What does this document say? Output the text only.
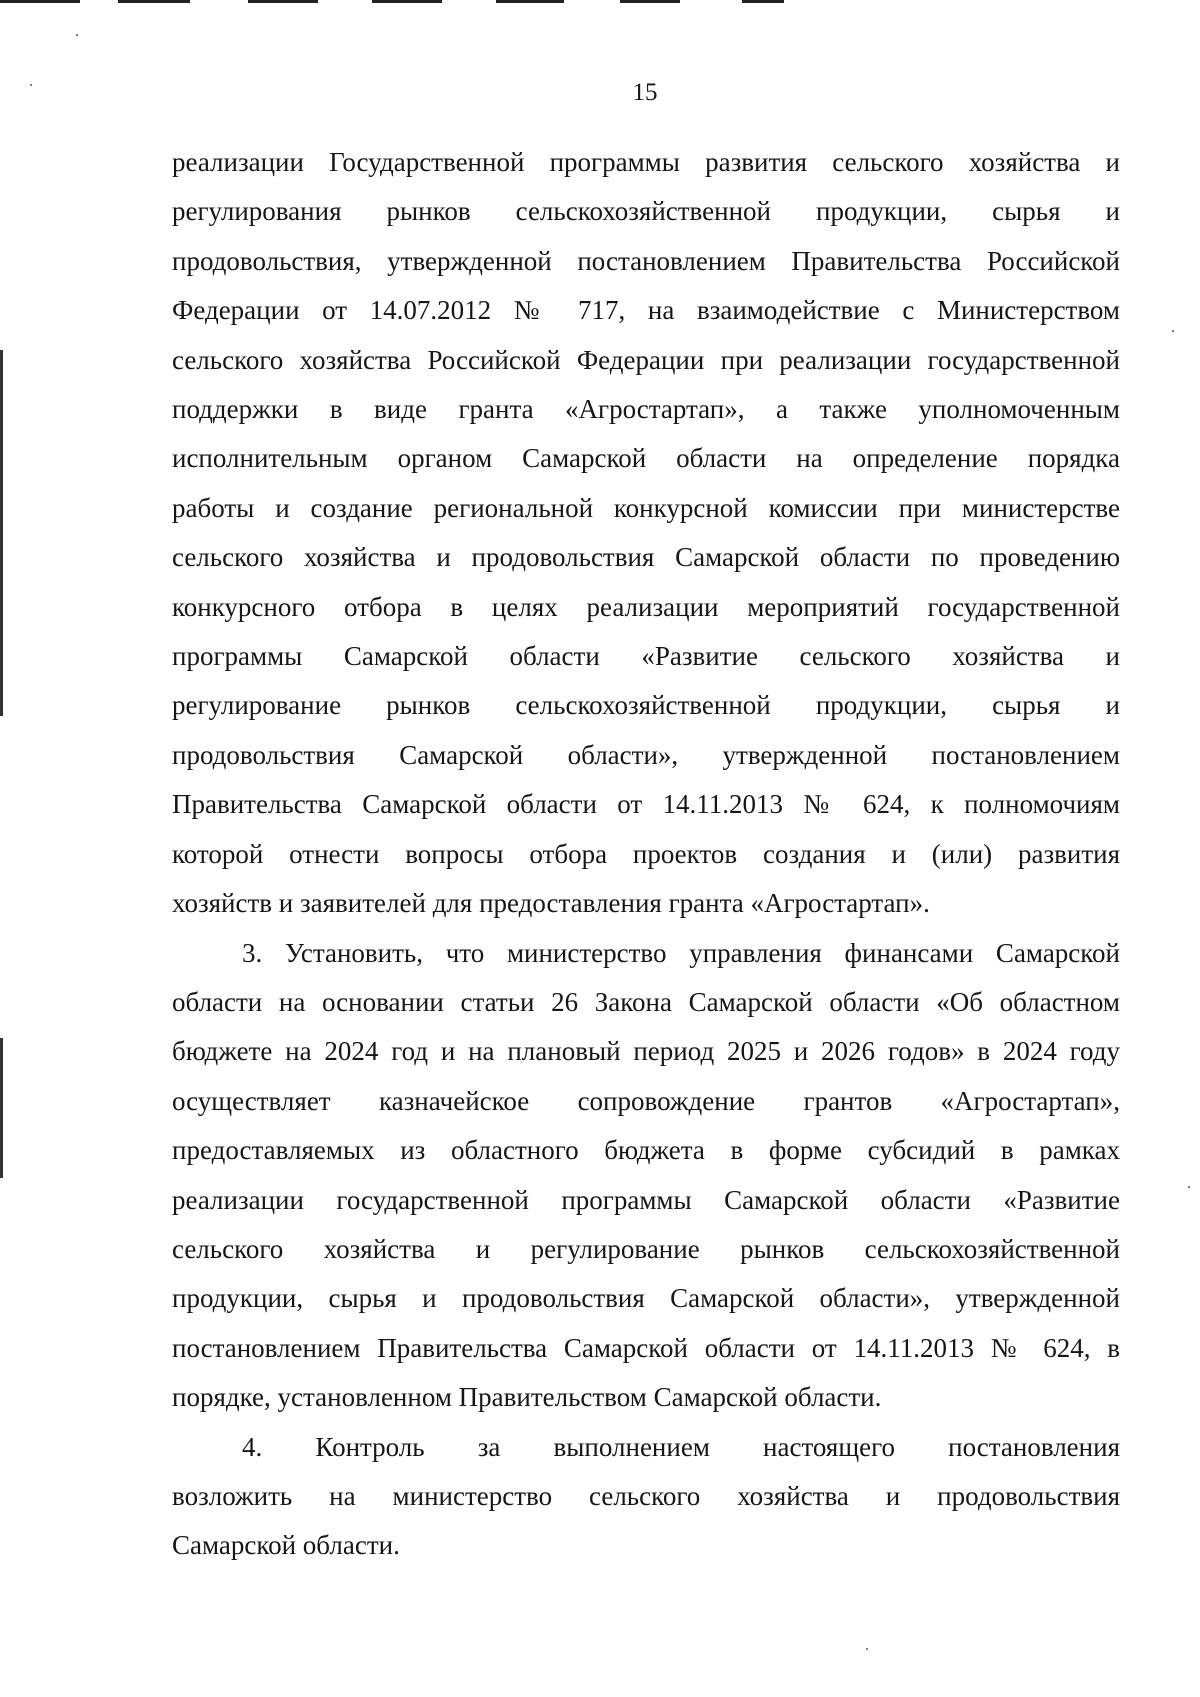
15

реализации Государственной программы развития сельского хозяйства и
регулирования рынков сельскохозяйственной продукции, сырья и
продовольствия, утвержденной постановлением Правительства Российской
Федерации от 14.07.2012 № 717, на взаимодействие с Министерством
сельского хозяйства Российской Федерации при реализации государственной
поддержки в виде гранта «Агростартап», а также уполномоченным
исполнительным органом Самарской области на определение порядка
работы и создание региональной конкурсной комиссии при министерстве
сельского хозяйства и продовольствия Самарской области по проведению
конкурсного отбора в целях реализации мероприятий государственной
программы Самарской области «Развитие сельского хозяйства и
регулирование рынков сельскохозяйственной продукции, сырья и
продовольствия Самарской области», утвержденной постановлением
Правительства Самарской области от 14.11.2013 № 624, к полномочиям
которой отнести вопросы отбора проектов создания и (или) развития
хозяйств и заявителей для предоставления гранта «Агростартап».

3. Установить, что министерство управления финансами Самарской
области на основании статьи 26 Закона Самарской области «Об областном
бюджете на 2024 год и на плановый период 2025 и 2026 годов» в 2024 году
осуществляет казначейское сопровождение грантов «Агростартап»,
предоставляемых из областного бюджета в форме субсидий в рамках
реализации государственной программы Самарской области «Развитие
сельского хозяйства и регулирование рынков сельскохозяйственной
продукции, сырья и продовольствия Самарской области», утвержденной
постановлением Правительства Самарской области от 14.11.2013 № 624, в
порядке, установленном Правительством Самарской области.

4. Контроль за выполнением настоящего постановления
возложить на министерство сельского хозяйства и продовольствия
Самарской области.
